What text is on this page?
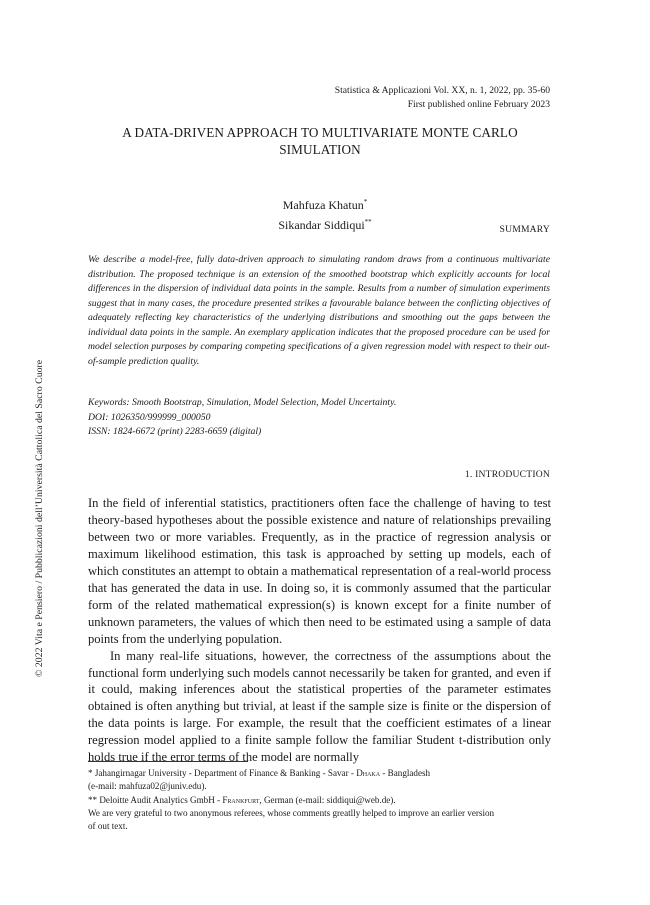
Statistica & Applicazioni Vol. XX, n. 1, 2022, pp. 35-60
First published online February 2023
A DATA-DRIVEN APPROACH TO MULTIVARIATE MONTE CARLO
SIMULATION
Mahfuza Khatun*
Sikandar Siddiqui**
SUMMARY
We describe a model-free, fully data-driven approach to simulating random draws from a continuous multivariate distribution. The proposed technique is an extension of the smoothed bootstrap which explicitly accounts for local differences in the dispersion of individual data points in the sample. Results from a number of simulation experiments suggest that in many cases, the procedure presented strikes a favourable balance between the conflicting objectives of adequately reflecting key characteristics of the underlying distributions and smoothing out the gaps between the individual data points in the sample. An exemplary application indicates that the proposed procedure can be used for model selection purposes by comparing competing specifications of a given regression model with respect to their out-of-sample prediction quality.
Keywords: Smooth Bootstrap, Simulation, Model Selection, Model Uncertainty.
DOI: 1026350/999999_000050
ISSN: 1824-6672 (print) 2283-6659 (digital)
1. INTRODUCTION

In the field of inferential statistics, practitioners often face the challenge of having to test theory-based hypotheses about the possible existence and nature of relationships prevailing between two or more variables. Frequently, as in the practice of regression analysis or maximum likelihood estimation, this task is approached by setting up models, each of which constitutes an attempt to obtain a mathematical representation of a real-world process that has generated the data in use. In doing so, it is commonly assumed that the particular form of the related mathematical expression(s) is known except for a finite number of unknown parameters, the values of which then need to be estimated using a sample of data points from the underlying population.

In many real-life situations, however, the correctness of the assumptions about the functional form underlying such models cannot necessarily be taken for granted, and even if it could, making inferences about the statistical properties of the parameter estimates obtained is often anything but trivial, at least if the sample size is finite or the dispersion of the data points is large. For example, the result that the coefficient estimates of a linear regression model applied to a finite sample follow the familiar Student t-distribution only holds true if the error terms of the model are normally

* Jahangirnagar University - Department of Finance & Banking - Savar - Dhaka - Bangladesh
(e-mail: mahfuza02@juniv.edu).
** Deloitte Audit Analytics GmbH - Frankfurt, German (e-mail: siddiqui@web.de).
We are very grateful to two anonymous referees, whose comments greatlly helped to improve an earlier version
of out text.
© 2022 Vita e Pensiero / Pubblicazioni dell’Università Cattolica del Sacro Cuore
